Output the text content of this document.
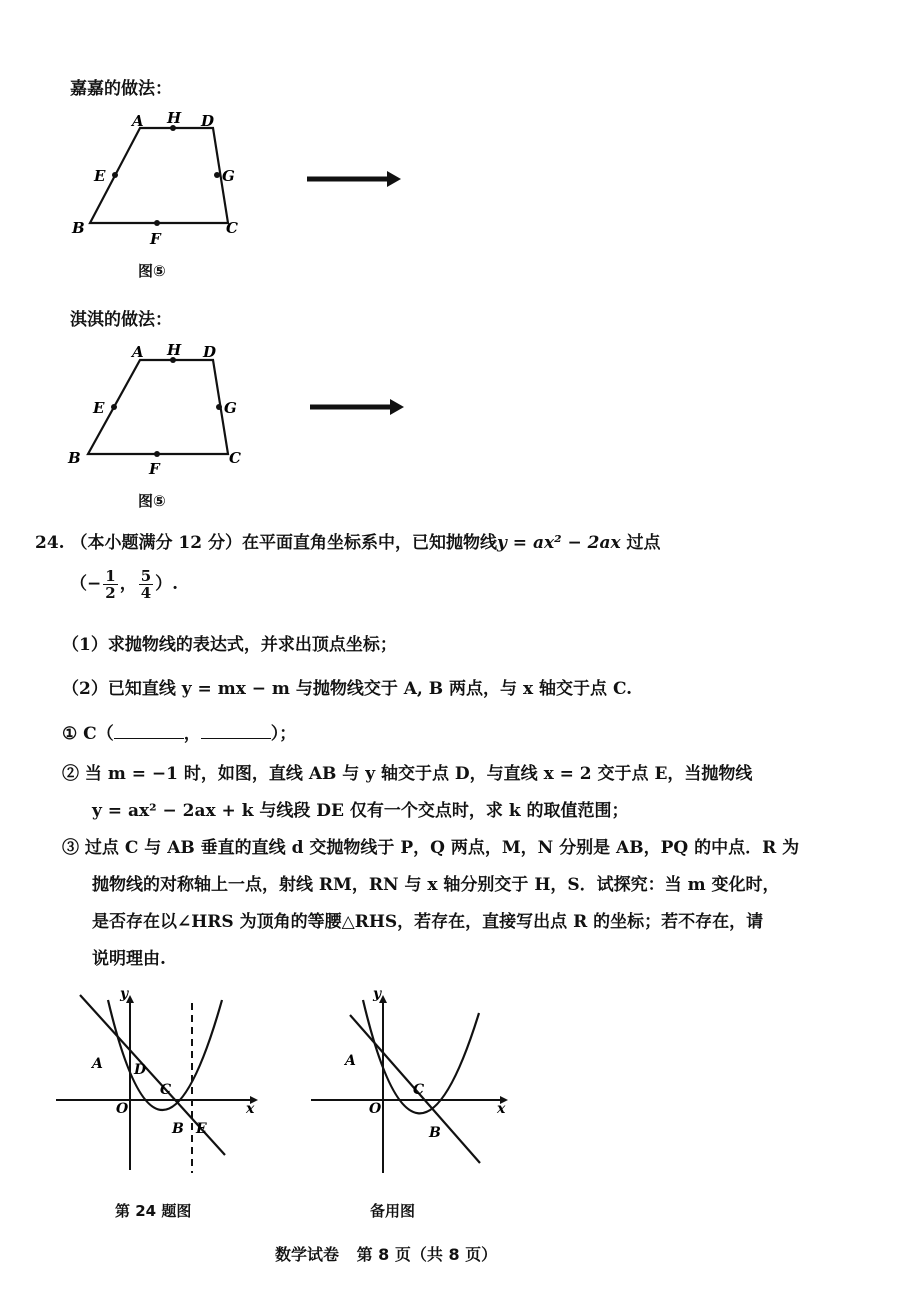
嘉嘉的做法：
A H D
E	G
B
F
C
图⑤
淇淇的做法：
A H D
E	G
B
F
C
图⑤
24. （本小题满分 12 分）在平面直角坐标系中，已知抛物线y = ax² − 2ax 过点
（− $\frac{1}{2}$ ， $\frac{5}{4}$ ）.
（1）求抛物线的表达式，并求出顶点坐标；
（2）已知直线 y = mx − m 与抛物线交于 A, B 两点，与 x 轴交于点 C.
① C（	，	）；
② 当 m = −1 时，如图，直线 AB 与 y 轴交于点 D，与直线 x = 2 交于点 E，当抛物线
y = ax² − 2ax + k 与线段 DE 仅有一个交点时，求 k 的取值范围；
③ 过点 C 与 AB 垂直的直线 d 交抛物线于 P，Q 两点，M，N 分别是 AB，PQ 的中点．R 为
抛物线的对称轴上一点，射线 RM，RN 与 x 轴分别交于 H，S．试探究：当 m 变化时，
是否存在以∠HRS 为顶角的等腰△RHS，若存在，直接写出点 R 的坐标；若不存在，请
说明理由.
y
x
A D
C
O
B E
第 24 题图
y
x
A
C
O
B
备用图
数学试卷 第 8 页（共 8 页）
